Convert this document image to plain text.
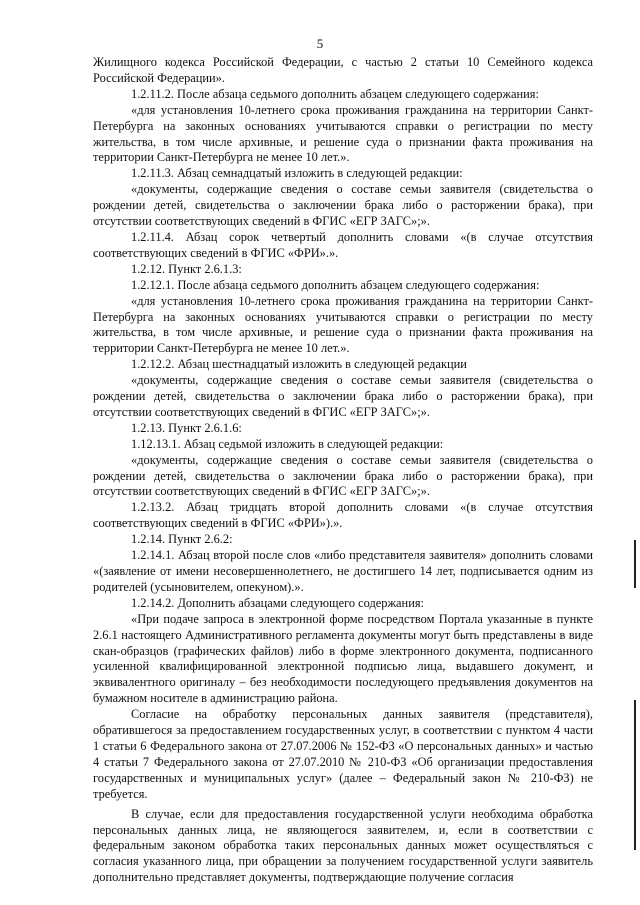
5

Жилищного кодекса Российской Федерации, с частью 2 статьи 10 Семейного кодекса Российской Федерации».

1.2.11.2. После абзаца седьмого дополнить абзацем следующего содержания:

«для установления 10-летнего срока проживания гражданина на территории Санкт-Петербурга на законных основаниях учитываются справки о регистрации по месту жительства, в том числе архивные, и решение суда о признании факта проживания на территории Санкт-Петербурга не менее 10 лет.».

1.2.11.3. Абзац семнадцатый изложить в следующей редакции:

«документы, содержащие сведения о составе семьи заявителя (свидетельства о рождении детей, свидетельства о заключении брака либо о расторжении брака), при отсутствии соответствующих сведений в ФГИС «ЕГР ЗАГС»;».

1.2.11.4. Абзац сорок четвертый дополнить словами «(в случае отсутствия соответствующих сведений в ФГИС «ФРИ».».

1.2.12. Пункт 2.6.1.3:

1.2.12.1. После абзаца седьмого дополнить абзацем следующего содержания:

«для установления 10-летнего срока проживания гражданина на территории Санкт-Петербурга на законных основаниях учитываются справки о регистрации по месту жительства, в том числе архивные, и решение суда о признании факта проживания на территории Санкт-Петербурга не менее 10 лет.».

1.2.12.2. Абзац шестнадцатый изложить в следующей редакции

«документы, содержащие сведения о составе семьи заявителя (свидетельства о рождении детей, свидетельства о заключении брака либо о расторжении брака), при отсутствии соответствующих сведений в ФГИС «ЕГР ЗАГС»;».

1.2.13. Пункт 2.6.1.6:

1.12.13.1. Абзац седьмой изложить в следующей редакции:

«документы, содержащие сведения о составе семьи заявителя (свидетельства о рождении детей, свидетельства о заключении брака либо о расторжении брака), при отсутствии соответствующих сведений в ФГИС «ЕГР ЗАГС»;».

1.2.13.2. Абзац тридцать второй дополнить словами «(в случае отсутствия соответствующих сведений в ФГИС «ФРИ»).».

1.2.14. Пункт 2.6.2:

1.2.14.1. Абзац второй после слов «либо представителя заявителя» дополнить словами «(заявление от имени несовершеннолетнего, не достигшего 14 лет, подписывается одним из родителей (усыновителем, опекуном).».

1.2.14.2. Дополнить абзацами следующего содержания:

«При подаче запроса в электронной форме посредством Портала указанные в пункте 2.6.1 настоящего Административного регламента документы могут быть представлены в виде скан-образцов (графических файлов) либо в форме электронного документа, подписанного усиленной квалифицированной электронной подписью лица, выдавшего документ, и эквивалентного оригиналу – без необходимости последующего предъявления документов на бумажном носителе в администрацию района.

Согласие на обработку персональных данных заявителя (представителя), обратившегося за предоставлением государственных услуг, в соответствии с пунктом 4 части 1 статьи 6 Федерального закона от 27.07.2006 № 152-ФЗ «О персональных данных» и частью 4 статьи 7 Федерального закона от 27.07.2010 № 210-ФЗ «Об организации предоставления государственных и муниципальных услуг» (далее – Федеральный закон № 210-ФЗ) не требуется.

В случае, если для предоставления государственной услуги необходима обработка персональных данных лица, не являющегося заявителем, и, если в соответствии с федеральным законом обработка таких персональных данных может осуществляться с согласия указанного лица, при обращении за получением государственной услуги заявитель дополнительно представляет документы, подтверждающие получение согласия
